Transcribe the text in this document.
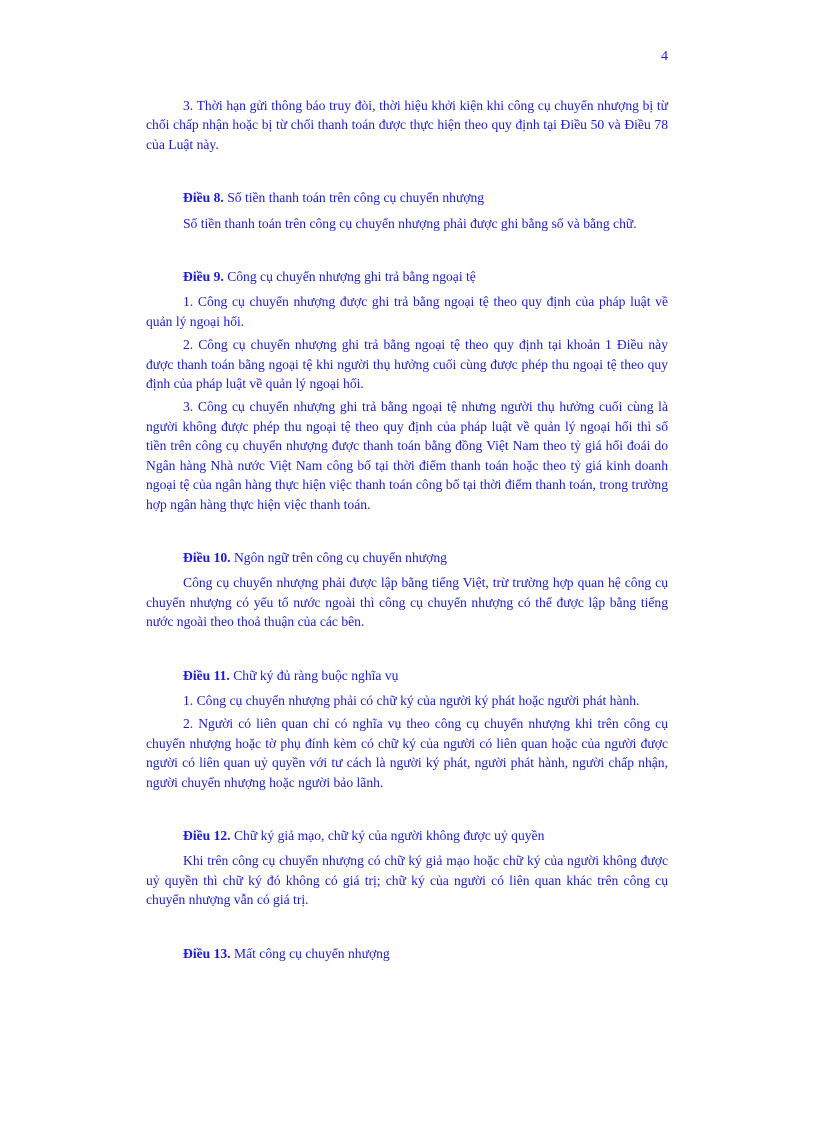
4

3. Thời hạn gửi thông báo truy đòi, thời hiệu khởi kiện khi công cụ chuyển nhượng bị từ chối chấp nhận hoặc bị từ chối thanh toán được thực hiện theo quy định tại Điều 50 và Điều 78 của Luật này.

Điều 8. Số tiền thanh toán trên công cụ chuyển nhượng

Số tiền thanh toán trên công cụ chuyển nhượng phải được ghi bằng số và bằng chữ.

Điều 9. Công cụ chuyển nhượng ghi trả bằng ngoại tệ

1. Công cụ chuyển nhượng được ghi trả bằng ngoại tệ theo quy định của pháp luật về quản lý ngoại hối.

2. Công cụ chuyển nhượng ghi trả bằng ngoại tệ theo quy định tại khoản 1 Điều này được thanh toán bằng ngoại tệ khi người thụ hưởng cuối cùng được phép thu ngoại tệ theo quy định của pháp luật về quản lý ngoại hối.

3. Công cụ chuyển nhượng ghi trả bằng ngoại tệ nhưng người thụ hưởng cuối cùng là người không được phép thu ngoại tệ theo quy định của pháp luật về quản lý ngoại hối thì số tiền trên công cụ chuyển nhượng được thanh toán bằng đồng Việt Nam theo tỷ giá hối đoái do Ngân hàng Nhà nước Việt Nam công bố tại thời điểm thanh toán hoặc theo tỷ giá kinh doanh ngoại tệ của ngân hàng thực hiện việc thanh toán công bố tại thời điểm thanh toán, trong trường hợp ngân hàng thực hiện việc thanh toán.

Điều 10. Ngôn ngữ trên công cụ chuyển nhượng

Công cụ chuyển nhượng phải được lập bằng tiếng Việt, trừ trường hợp quan hệ công cụ chuyển nhượng có yếu tố nước ngoài thì công cụ chuyển nhượng có thể được lập bằng tiếng nước ngoài theo thoả thuận của các bên.

Điều 11. Chữ ký đủ ràng buộc nghĩa vụ

1. Công cụ chuyển nhượng phải có chữ ký của người ký phát hoặc người phát hành.

2. Người có liên quan chỉ có nghĩa vụ theo công cụ chuyển nhượng khi trên công cụ chuyển nhượng hoặc tờ phụ đính kèm có chữ ký của người có liên quan hoặc của người được người có liên quan uỷ quyền với tư cách là người ký phát, người phát hành, người chấp nhận, người chuyển nhượng hoặc người bảo lãnh.

Điều 12. Chữ ký giả mạo, chữ ký của người không được uỷ quyền

Khi trên công cụ chuyển nhượng có chữ ký giả mạo hoặc chữ ký của người không được uỷ quyền thì chữ ký đó không có giá trị; chữ ký của người có liên quan khác trên công cụ chuyển nhượng vẫn có giá trị.

Điều 13. Mất công cụ chuyển nhượng
